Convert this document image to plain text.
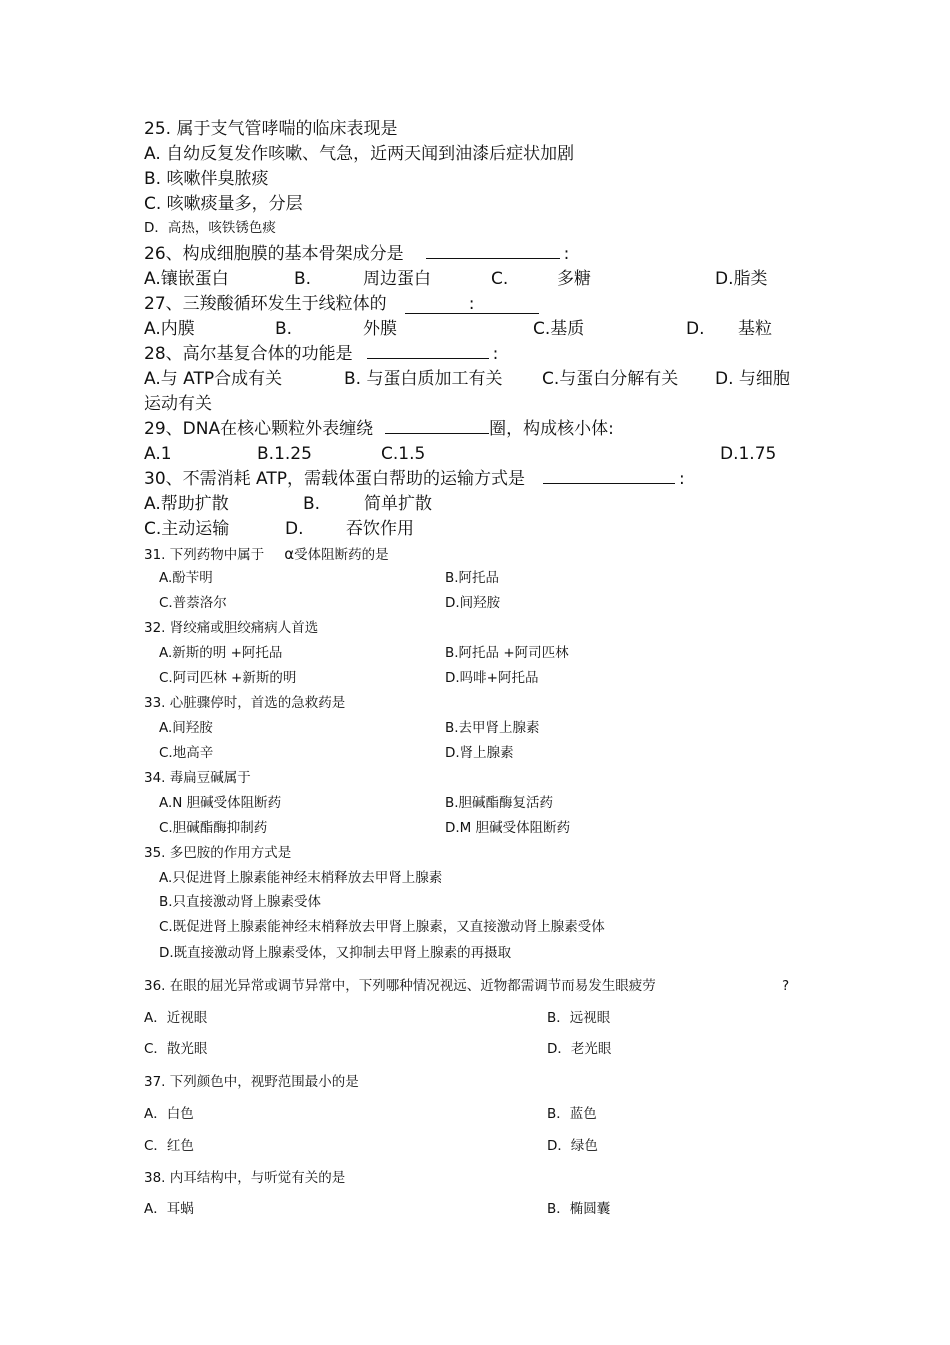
25. 属于支气管哮喘的临床表现是
A. 自幼反复发作咳嗽、气急，近两天闻到油漆后症状加剧
B. 咳嗽伴臭脓痰
C. 咳嗽痰量多，分层
D．高热，咳铁锈色痰
26、构成细胞膜的基本骨架成分是	:
A.镶嵌蛋白	B.	周边蛋白	C.	多糖	D.脂类
27、三羧酸循环发生于线粒体的	:
A.内膜	B.	外膜	C.基质	D. 基粒
28、高尔基复合体的功能是	:
A.与 ATP合成有关	B. 与蛋白质加工有关 C.与蛋白分解有关 D. 与细胞
运动有关
29、DNA在核心颗粒外表缠绕	圈，构成核小体:
A.1	B.1.25	C.1.5	D.1.75
30、不需消耗 ATP，需载体蛋白帮助的运输方式是	:
A.帮助扩散	B.	简单扩散
C.主动运输	D.	吞饮作用
31. 下列药物中属于 α受体阻断药的是
A.酚苄明	B.阿托品
C.普萘洛尔	D.间羟胺
32. 肾绞痛或胆绞痛病人首选
A.新斯的明 +阿托品	B.阿托品 +阿司匹林
C.阿司匹林 +新斯的明	D.吗啡+阿托品
33. 心脏骤停时，首选的急救药是
A.间羟胺	B.去甲肾上腺素
C.地高辛	D.肾上腺素
34. 毒扁豆碱属于
A.N 胆碱受体阻断药	B.胆碱酯酶复活药
C.胆碱酯酶抑制药	D.M 胆碱受体阻断药
35. 多巴胺的作用方式是
A.只促进肾上腺素能神经末梢释放去甲肾上腺素
B.只直接激动肾上腺素受体
C.既促进肾上腺素能神经末梢释放去甲肾上腺素，又直接激动肾上腺素受体
D.既直接激动肾上腺素受体，又抑制去甲肾上腺素的再摄取
36. 在眼的屈光异常或调节异常中，下列哪种情况视远、近物都需调节而易发生眼疲劳	?
A．近视眼	B．远视眼
C．散光眼	D．老光眼
37. 下列颜色中，视野范围最小的是
A．白色	B．蓝色
C．红色	D．绿色
38. 内耳结构中，与听觉有关的是
A．耳蜗	B．椭圆囊
